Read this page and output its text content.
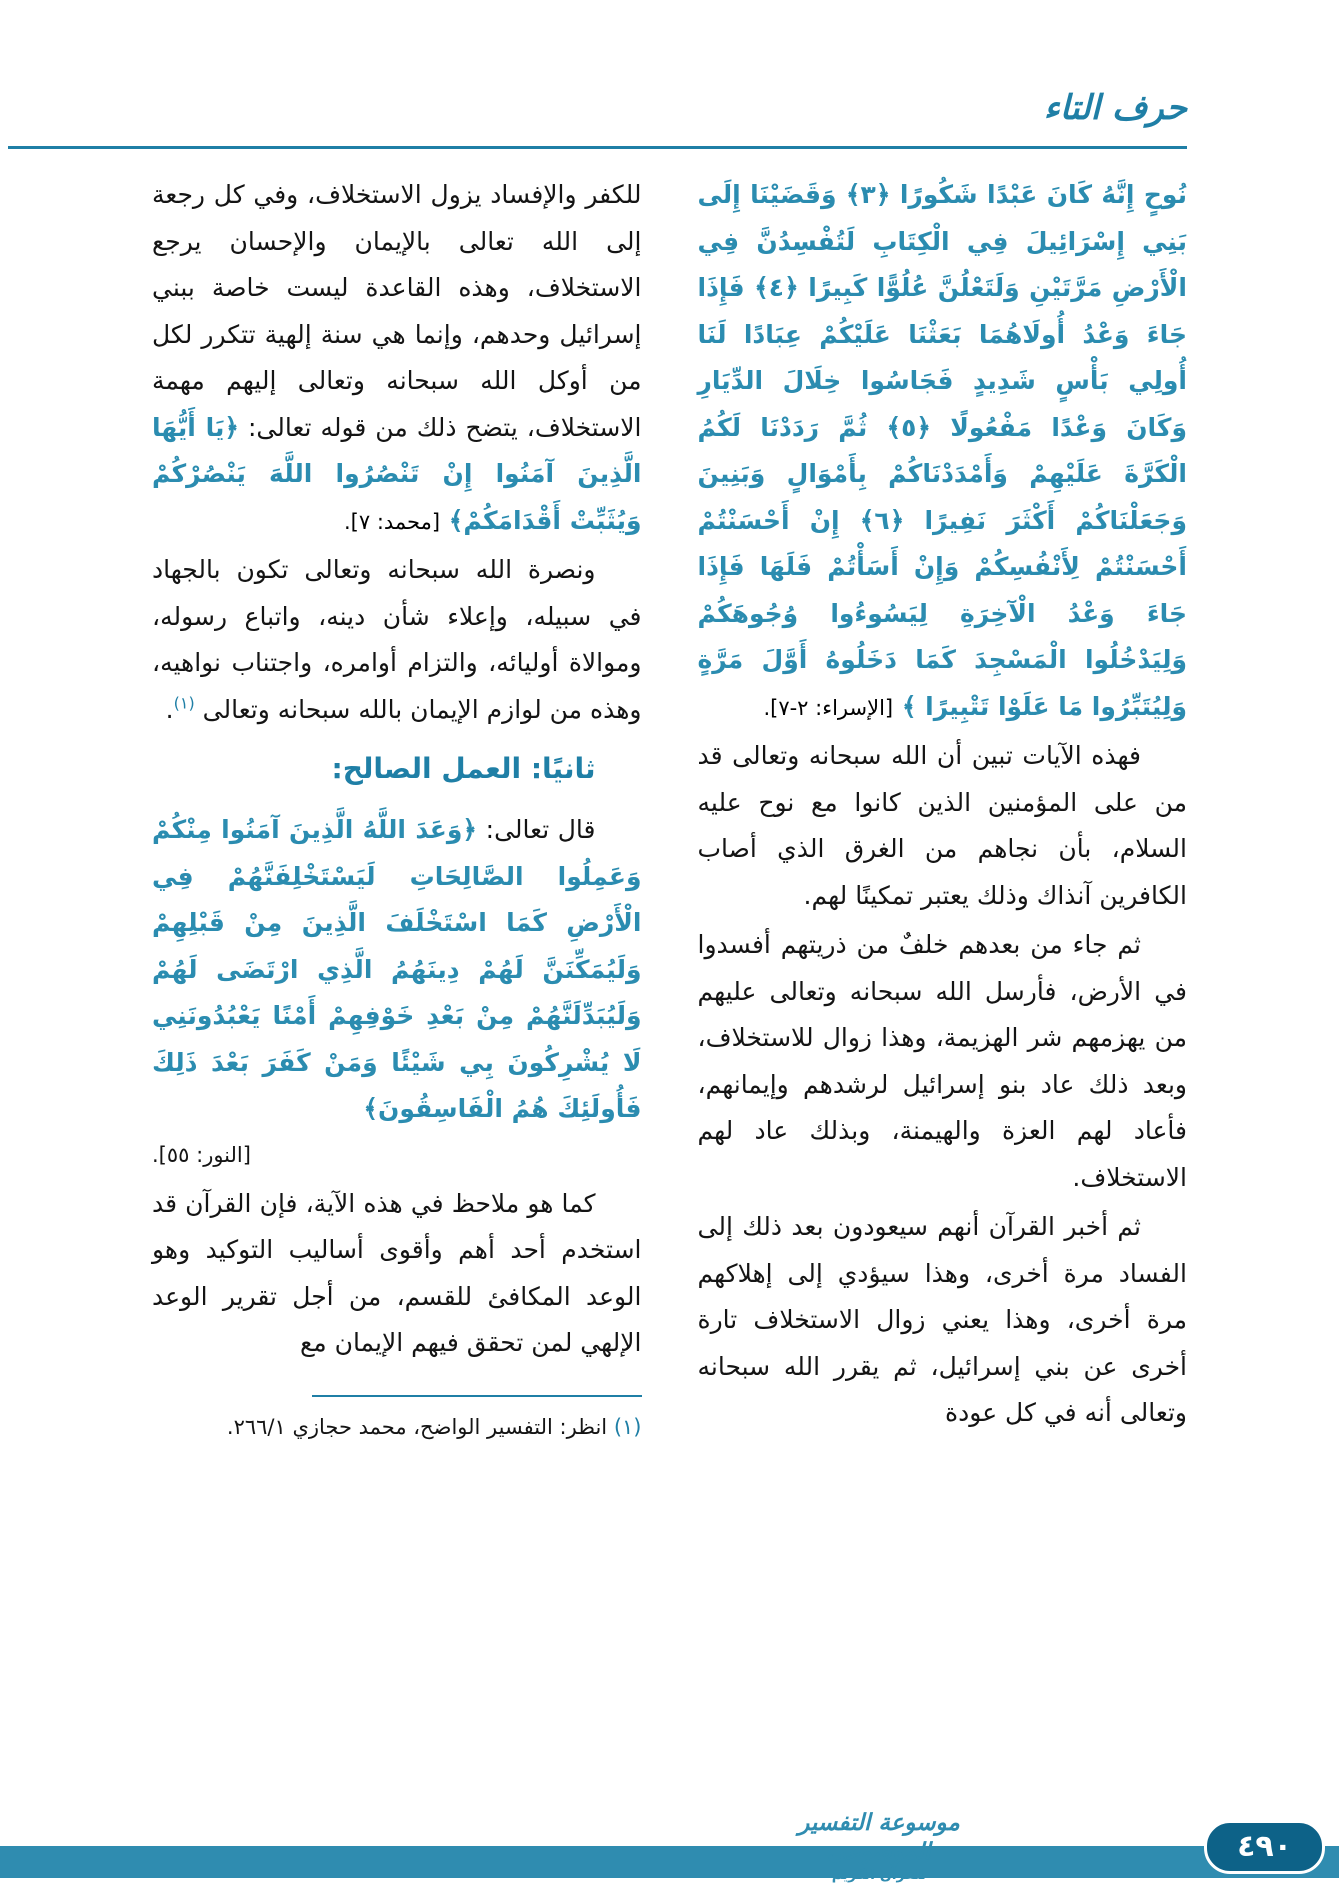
حرف التاء

نُوحٍ إِنَّهُ كَانَ عَبْدًا شَكُورًا ﴿٣﴾ وَقَضَيْنَا إِلَى بَنِي إِسْرَائِيلَ فِي الْكِتَابِ لَتُفْسِدُنَّ فِي الْأَرْضِ مَرَّتَيْنِ وَلَتَعْلُنَّ عُلُوًّا كَبِيرًا ﴿٤﴾ فَإِذَا جَاءَ وَعْدُ أُولَاهُمَا بَعَثْنَا عَلَيْكُمْ عِبَادًا لَنَا أُولِي بَأْسٍ شَدِيدٍ فَجَاسُوا خِلَالَ الدِّيَارِ وَكَانَ وَعْدًا مَفْعُولًا ﴿٥﴾ ثُمَّ رَدَدْنَا لَكُمُ الْكَرَّةَ عَلَيْهِمْ وَأَمْدَدْنَاكُمْ بِأَمْوَالٍ وَبَنِينَ وَجَعَلْنَاكُمْ أَكْثَرَ نَفِيرًا ﴿٦﴾ إِنْ أَحْسَنْتُمْ أَحْسَنْتُمْ لِأَنْفُسِكُمْ وَإِنْ أَسَأْتُمْ فَلَهَا فَإِذَا جَاءَ وَعْدُ الْآخِرَةِ لِيَسُوءُوا وُجُوهَكُمْ وَلِيَدْخُلُوا الْمَسْجِدَ كَمَا دَخَلُوهُ أَوَّلَ مَرَّةٍ وَلِيُتَبِّرُوا مَا عَلَوْا تَتْبِيرًا ﴾ [الإسراء: ٢-٧].

فهذه الآيات تبين أن الله سبحانه وتعالى قد من على المؤمنين الذين كانوا مع نوح عليه السلام، بأن نجاهم من الغرق الذي أصاب الكافرين آنذاك وذلك يعتبر تمكينًا لهم.

ثم جاء من بعدهم خلفٌ من ذريتهم أفسدوا في الأرض، فأرسل الله سبحانه وتعالى عليهم من يهزمهم شر الهزيمة، وهذا زوال للاستخلاف، وبعد ذلك عاد بنو إسرائيل لرشدهم وإيمانهم، فأعاد لهم العزة والهيمنة، وبذلك عاد لهم الاستخلاف.

ثم أخبر القرآن أنهم سيعودون بعد ذلك إلى الفساد مرة أخرى، وهذا سيؤدي إلى إهلاكهم مرة أخرى، وهذا يعني زوال الاستخلاف تارة أخرى عن بني إسرائيل، ثم يقرر الله سبحانه وتعالى أنه في كل عودة

للكفر والإفساد يزول الاستخلاف، وفي كل رجعة إلى الله تعالى بالإيمان والإحسان يرجع الاستخلاف، وهذه القاعدة ليست خاصة ببني إسرائيل وحدهم، وإنما هي سنة إلهية تتكرر لكل من أوكل الله سبحانه وتعالى إليهم مهمة الاستخلاف، يتضح ذلك من قوله تعالى: ﴿يَا أَيُّهَا الَّذِينَ آمَنُوا إِنْ تَنْصُرُوا اللَّهَ يَنْصُرْكُمْ وَيُثَبِّتْ أَقْدَامَكُمْ﴾ [محمد: ٧].

ونصرة الله سبحانه وتعالى تكون بالجهاد في سبيله، وإعلاء شأن دينه، واتباع رسوله، وموالاة أوليائه، والتزام أوامره، واجتناب نواهيه، وهذه من لوازم الإيمان بالله سبحانه وتعالى $^{(١)}$.

ثانيًا: العمل الصالح:

قال تعالى: ﴿وَعَدَ اللَّهُ الَّذِينَ آمَنُوا مِنْكُمْ وَعَمِلُوا الصَّالِحَاتِ لَيَسْتَخْلِفَنَّهُمْ فِي الْأَرْضِ كَمَا اسْتَخْلَفَ الَّذِينَ مِنْ قَبْلِهِمْ وَلَيُمَكِّنَنَّ لَهُمْ دِينَهُمُ الَّذِي ارْتَضَى لَهُمْ وَلَيُبَدِّلَنَّهُمْ مِنْ بَعْدِ خَوْفِهِمْ أَمْنًا يَعْبُدُونَنِي لَا يُشْرِكُونَ بِي شَيْئًا وَمَنْ كَفَرَ بَعْدَ ذَلِكَ فَأُولَئِكَ هُمُ الْفَاسِقُونَ﴾

[النور: ٥٥].

كما هو ملاحظ في هذه الآية، فإن القرآن قد استخدم أحد أهم وأقوى أساليب التوكيد وهو الوعد المكافئ للقسم، من أجل تقرير الوعد الإلهي لمن تحقق فيهم الإيمان مع

(١) انظر: التفسير الواضح، محمد حجازي ٢٦٦/١.

موسوعة التفسير الموضوعي
للقرآن الكريم
٤٩٠
